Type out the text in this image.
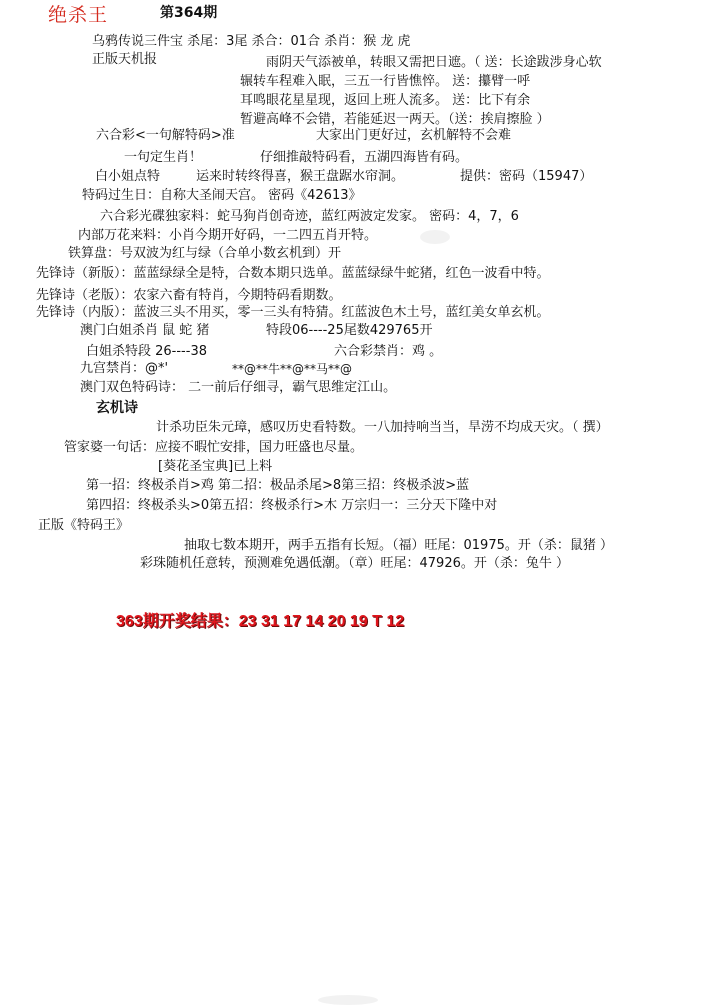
绝杀王	第364期
乌鸦传说三件宝 杀尾：3尾 杀合：01合 杀肖：猴 龙 虎
正版天机报	雨阴天气添被单，转眼又需把日遮。（ 送：长途跋涉身心软
辗转车程难入眠，三五一行皆憔悴。 送：攥臂一呼
耳鸣眼花星星现，返回上班人流多。 送：比下有余
暂避高峰不会错，若能延迟一两天。（送：挨肩擦脸 ）
六合彩<一句解特码>准	大家出门更好过，玄机解特不会难
一句定生肖！	仔细推敲特码看，五湖四海皆有码。
白小姐点特	运来时转终得喜，猴王盘踞水帘洞。	提供：密码（15947）
特码过生日：自称大圣闹天宫。 密码《42613》
六合彩光碟独家料：蛇马狗肖创奇迹，蓝红两波定发家。 密码：4，7，6
内部万花来料：小肖今期开好码，一二四五肖开特。
铁算盘：号双波为红与绿（合单小数玄机到）开
先锋诗（新版）：蓝蓝绿绿全是特，合数本期只选单。蓝蓝绿绿牛蛇猪，红色一波看中特。
先锋诗（老版）：农家六畜有特肖，今期特码看期数。
先锋诗（内版）：蓝波三头不用买，零一三头有特猜。红蓝波色木土号，蓝红美女单玄机。
澳门白姐杀肖 鼠 蛇 猪	特段06----25尾数429765开
白姐杀特段 26----38	六合彩禁肖：鸡 。
九宫禁肖：@*'	**@**牛**@**马**@
澳门双色特码诗： 二一前后仔细寻，霸气思维定江山。
玄机诗
计杀功臣朱元璋，感叹历史看特数。一八加持响当当，旱涝不均成天灾。（ 撰）
管家婆一句话：应接不暇忙安排，国力旺盛也尽量。
[葵花圣宝典]已上料
第一招：终极杀肖>鸡 第二招：极品杀尾>8第三招：终极杀波>蓝
第四招：终极杀头>0第五招：终极杀行>木 万宗归一：三分天下隆中对
正版《特码王》
抽取七数本期开，两手五指有长短。（福）旺尾：01975。开（杀：鼠猪 ）
彩珠随机任意转，预测难免遇低潮。（章）旺尾：47926。开（杀：兔牛 ）
363期开奖结果：23 31 17 14 20 19 T 12
